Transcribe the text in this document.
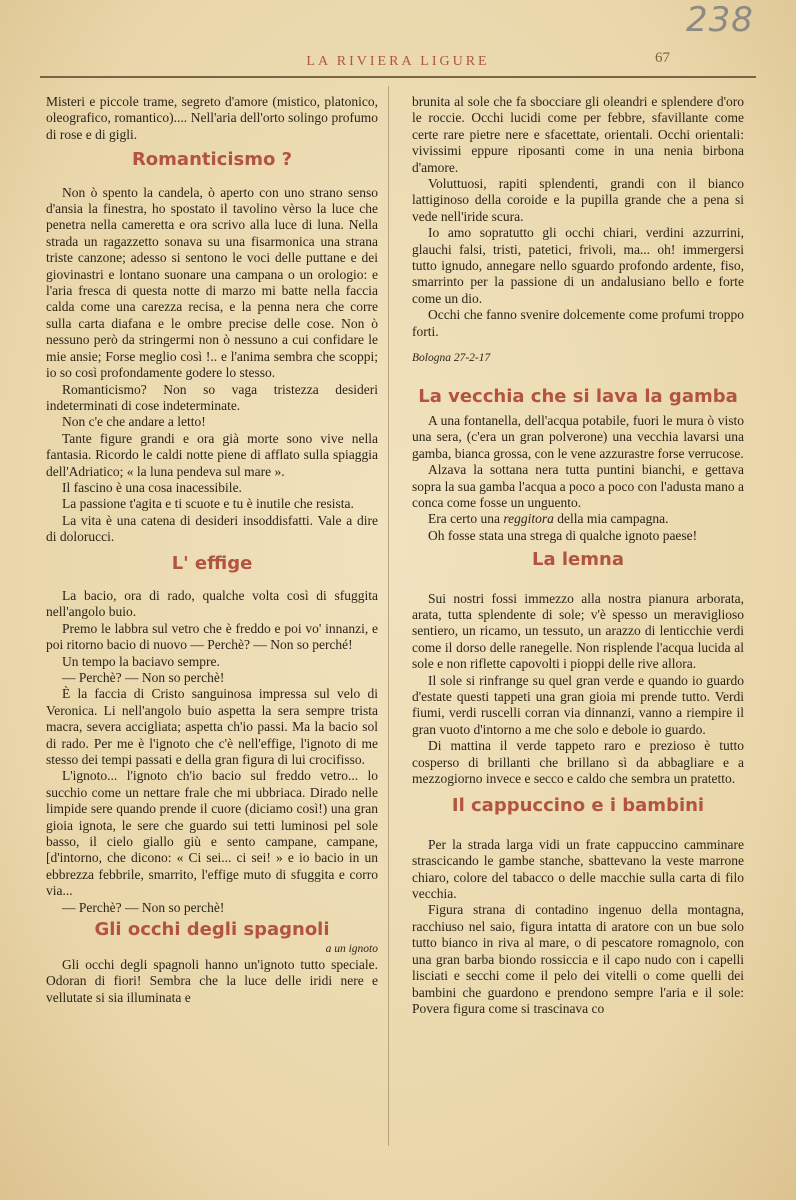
238
LA RIVIERA LIGURE	67

Misteri e piccole trame, segreto d'amore (mistico, platonico, oleografico, romantico).... Nell'aria dell'orto solingo profumo di rose e di gigli.

Romanticismo ?

Non ò spento la candela, ò aperto con uno strano senso d'ansia la finestra, ho spostato il tavolino vèrso la luce che penetra nella cameretta e ora scrivo alla luce di luna. Nella strada un ragazzetto sonava su una fisarmonica una strana triste canzone; adesso si sentono le voci delle puttane e dei giovinastri e lontano suonare una campana o un orologio: e l'aria fresca di questa notte di marzo mi batte nella faccia calda come una carezza recisa, e la penna nera che corre sulla carta diafana e le ombre precise delle cose. Non ò nessuno però da stringermi non ò nessuno a cui confidare le mie ansie; Forse meglio così !.. e l'anima sembra che scoppi; io so così profondamente godere lo stesso.

Romanticismo? Non so vaga tristezza desideri indeterminati di cose indeterminate.

Non c'e che andare a letto!

Tante figure grandi e ora già morte sono vive nella fantasia. Ricordo le caldi notte piene di afflato sulla spiaggia dell'Adriatico; « la luna pendeva sul mare ».

Il fascino è una cosa inacessibile.

La passione t'agita e ti scuote e tu è inutile che resista.

La vita è una catena di desideri insoddisfatti. Vale a dire di dolorucci.

L' effige

La bacio, ora di rado, qualche volta così di sfuggita nell'angolo buio.

Premo le labbra sul vetro che è freddo e poi vo' innanzi, e poi ritorno bacio di nuovo — Perchè? — Non so perché!

Un tempo la baciavo sempre.

— Perchè? — Non so perchè!

È la faccia di Cristo sanguinosa impressa sul velo di Veronica. Li nell'angolo buio aspetta la sera sempre trista macra, severa accigliata; aspetta ch'io passi. Ma la bacio sol di rado. Per me è l'ignoto che c'è nell'effige, l'ignoto di me stesso dei tempi passati e della gran figura di lui crocifisso.

L'ignoto... l'ignoto ch'io bacio sul freddo vetro... lo succhio come un nettare frale che mi ubbriaca. Dirado nelle limpide sere quando prende il cuore (diciamo così!) una gran gioia ignota, le sere che guardo sui tetti luminosi pel sole basso, il cielo giallo giù e sento campane, campane, [d'intorno, che dicono: « Ci sei... ci sei! » e io bacio in un ebbrezza febbrile, smarrito, l'effige muto di sfuggita e corro via...

— Perchè? — Non so perchè!

Gli occhi degli spagnoli

a un ignoto

Gli occhi degli spagnoli hanno un'ignoto tutto speciale. Odoran di fiori! Sembra che la luce delle iridi nere e vellutate si sia illuminata e

brunita al sole che fa sbocciare gli oleandri e splendere d'oro le roccie. Occhi lucidi come per febbre, sfavillante come certe rare pietre nere e sfacettate, orientali. Occhi orientali: vivissimi eppure riposanti come in una nenia birbona d'amore.

Voluttuosi, rapiti splendenti, grandi con il bianco lattiginoso della coroide e la pupilla grande che a pena si vede nell'iride scura.

Io amo sopratutto gli occhi chiari, verdini azzurrini, glauchi falsi, tristi, patetici, frivoli, ma... oh! immergersi tutto ignudo, annegare nello sguardo profondo ardente, fiso, smarrinto per la passione di un andalusiano bello e forte come un dio.

Occhi che fanno svenire dolcemente come profumi troppo forti.

Bologna 27-2-17

La vecchia che si lava la gamba

A una fontanella, dell'acqua potabile, fuori le mura ò visto una sera, (c'era un gran polverone) una vecchia lavarsi una gamba, bianca grossa, con le vene azzurastre forse verrucose.

Alzava la sottana nera tutta puntini bianchi, e gettava sopra la sua gamba l'acqua a poco a poco con l'adusta mano a conca come fosse un unguento.

Era certo una reggitora della mia campagna.

Oh fosse stata una strega di qualche ignoto paese!

La lemna

Sui nostri fossi immezzo alla nostra pianura arborata, arata, tutta splendente di sole; v'è spesso un meraviglioso sentiero, un ricamo, un tessuto, un arazzo di lenticchie verdi come il dorso delle ranegelle. Non risplende l'acqua lucida al sole e non riflette capovolti i pioppi delle rive allora.

Il sole si rinfrange su quel gran verde e quando io guardo d'estate questi tappeti una gran gioia mi prende tutto. Verdi fiumi, verdi ruscelli corran via dinnanzi, vanno a riempire il gran vuoto d'intorno a me che solo e debole io guardo.

Di mattina il verde tappeto raro e prezioso è tutto cosperso di brillanti che brillano sì da abbagliare e a mezzogiorno invece e secco e caldo che sembra un pratetto.

Il cappuccino e i bambini

Per la strada larga vidi un frate cappuccino camminare strascicando le gambe stanche, sbattevano la veste marrone chiaro, colore del tabacco o delle macchie sulla carta di filo vecchia.

Figura strana di contadino ingenuo della montagna, racchiuso nel saio, figura intatta di aratore con un bue solo tutto bianco in riva al mare, o di pescatore romagnolo, con una gran barba biondo rossiccia e il capo nudo con i capelli lisciati e secchi come il pelo dei vitelli o come quelli dei bambini che guardono e prendono sempre l'aria e il sole: Povera figura come si trascinava co
